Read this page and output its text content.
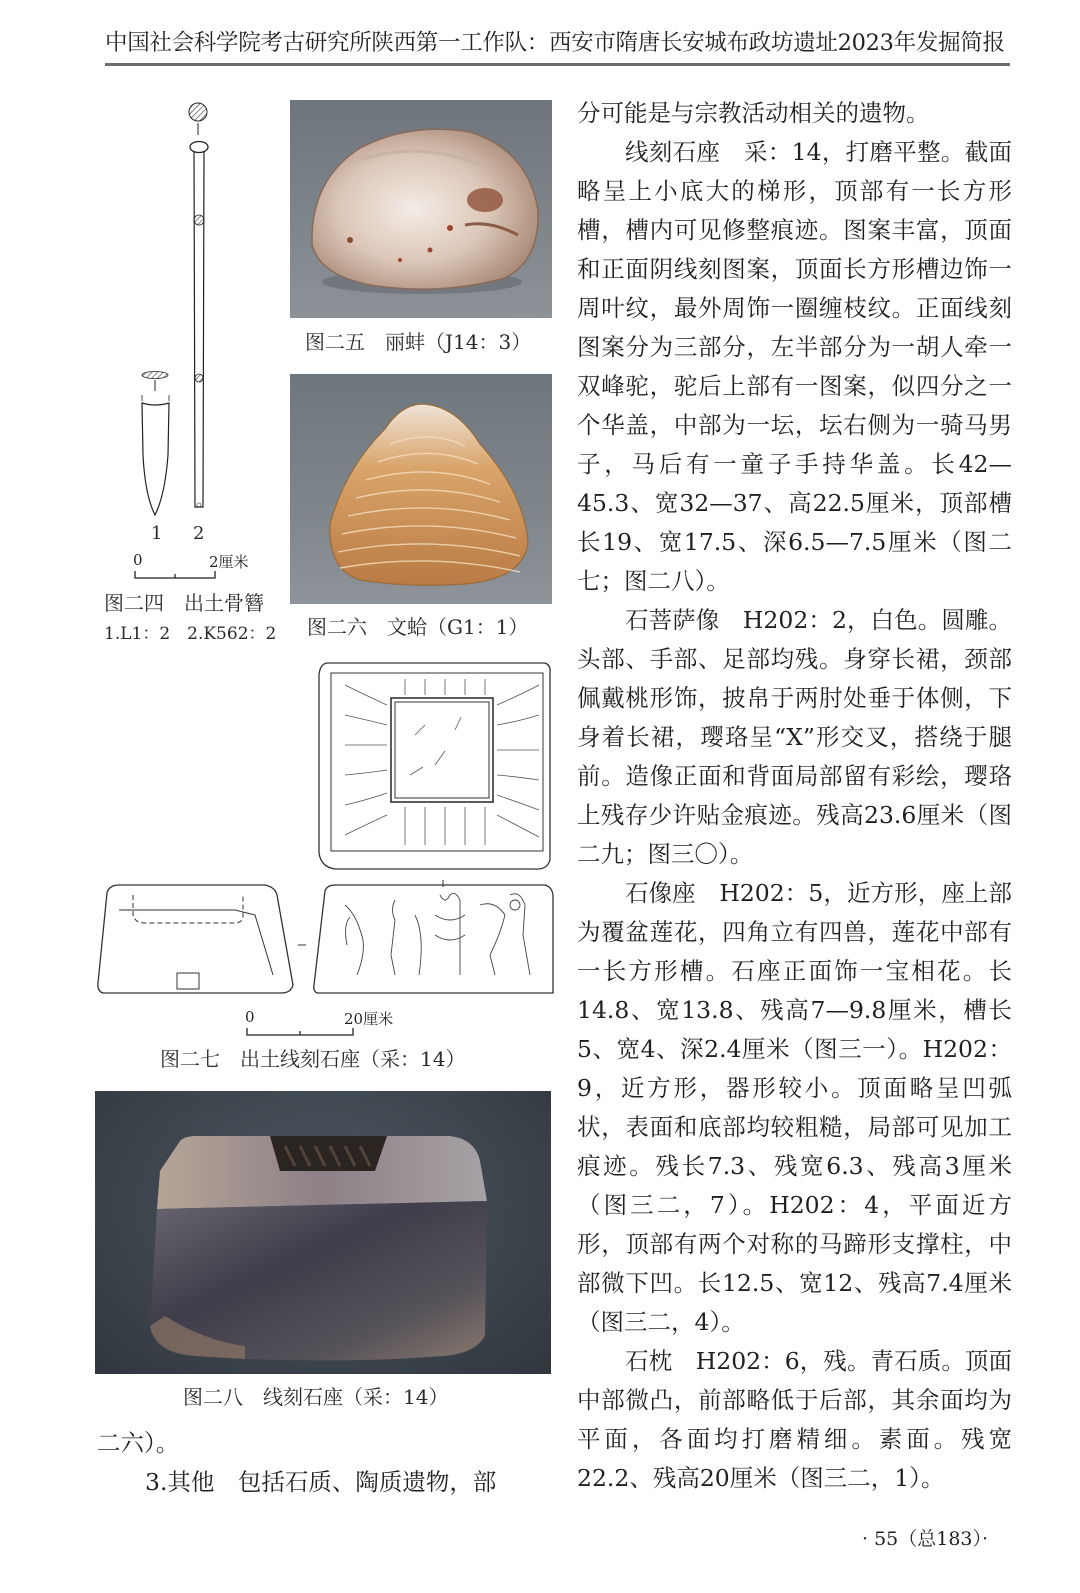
中国社会科学院考古研究所陕西第一工作队：西安市隋唐长安城布政坊遗址2023年发掘简报
1 2
0	2厘米
图二四　出土骨簪
1.L1：2　2.K562：2
图二五　丽蚌（J14：3）
图二六　文蛤（G1：1）
0	20厘米
图二七　出土线刻石座（采：14）
图二八　线刻石座（采：14）
二六）。
3.其他　包括石质、陶质遗物，部

分可能是与宗教活动相关的遗物。

线刻石座　采：14，打磨平整。截面略呈上小底大的梯形，顶部有一长方形槽，槽内可见修整痕迹。图案丰富，顶面和正面阴线刻图案，顶面长方形槽边饰一周叶纹，最外周饰一圈缠枝纹。正面线刻图案分为三部分，左半部分为一胡人牵一双峰驼，驼后上部有一图案，似四分之一个华盖，中部为一坛，坛右侧为一骑马男子，马后有一童子手持华盖。长42—45.3、宽32—37、高22.5厘米，顶部槽长19、宽17.5、深6.5—7.5厘米（图二七；图二八）。

石菩萨像　H202：2，白色。圆雕。头部、手部、足部均残。身穿长裙，颈部佩戴桃形饰，披帛于两肘处垂于体侧，下身着长裙，璎珞呈“X”形交叉，搭绕于腿前。造像正面和背面局部留有彩绘，璎珞上残存少许贴金痕迹。残高23.6厘米（图二九；图三〇）。

石像座　H202：5，近方形，座上部为覆盆莲花，四角立有四兽，莲花中部有一长方形槽。石座正面饰一宝相花。长14.8、宽13.8、残高7—9.8厘米，槽长5、宽4、深2.4厘米（图三一）。H202：9，近方形，器形较小。顶面略呈凹弧状，表面和底部均较粗糙，局部可见加工痕迹。残长7.3、残宽6.3、残高3厘米（图三二，7）。H202：4，平面近方形，顶部有两个对称的马蹄形支撑柱，中部微下凹。长12.5、宽12、残高7.4厘米（图三二，4）。

石枕　H202：6，残。青石质。顶面中部微凸，前部略低于后部，其余面均为平面，各面均打磨精细。素面。残宽22.2、残高20厘米（图三二，1）。

· 55（总183）·
